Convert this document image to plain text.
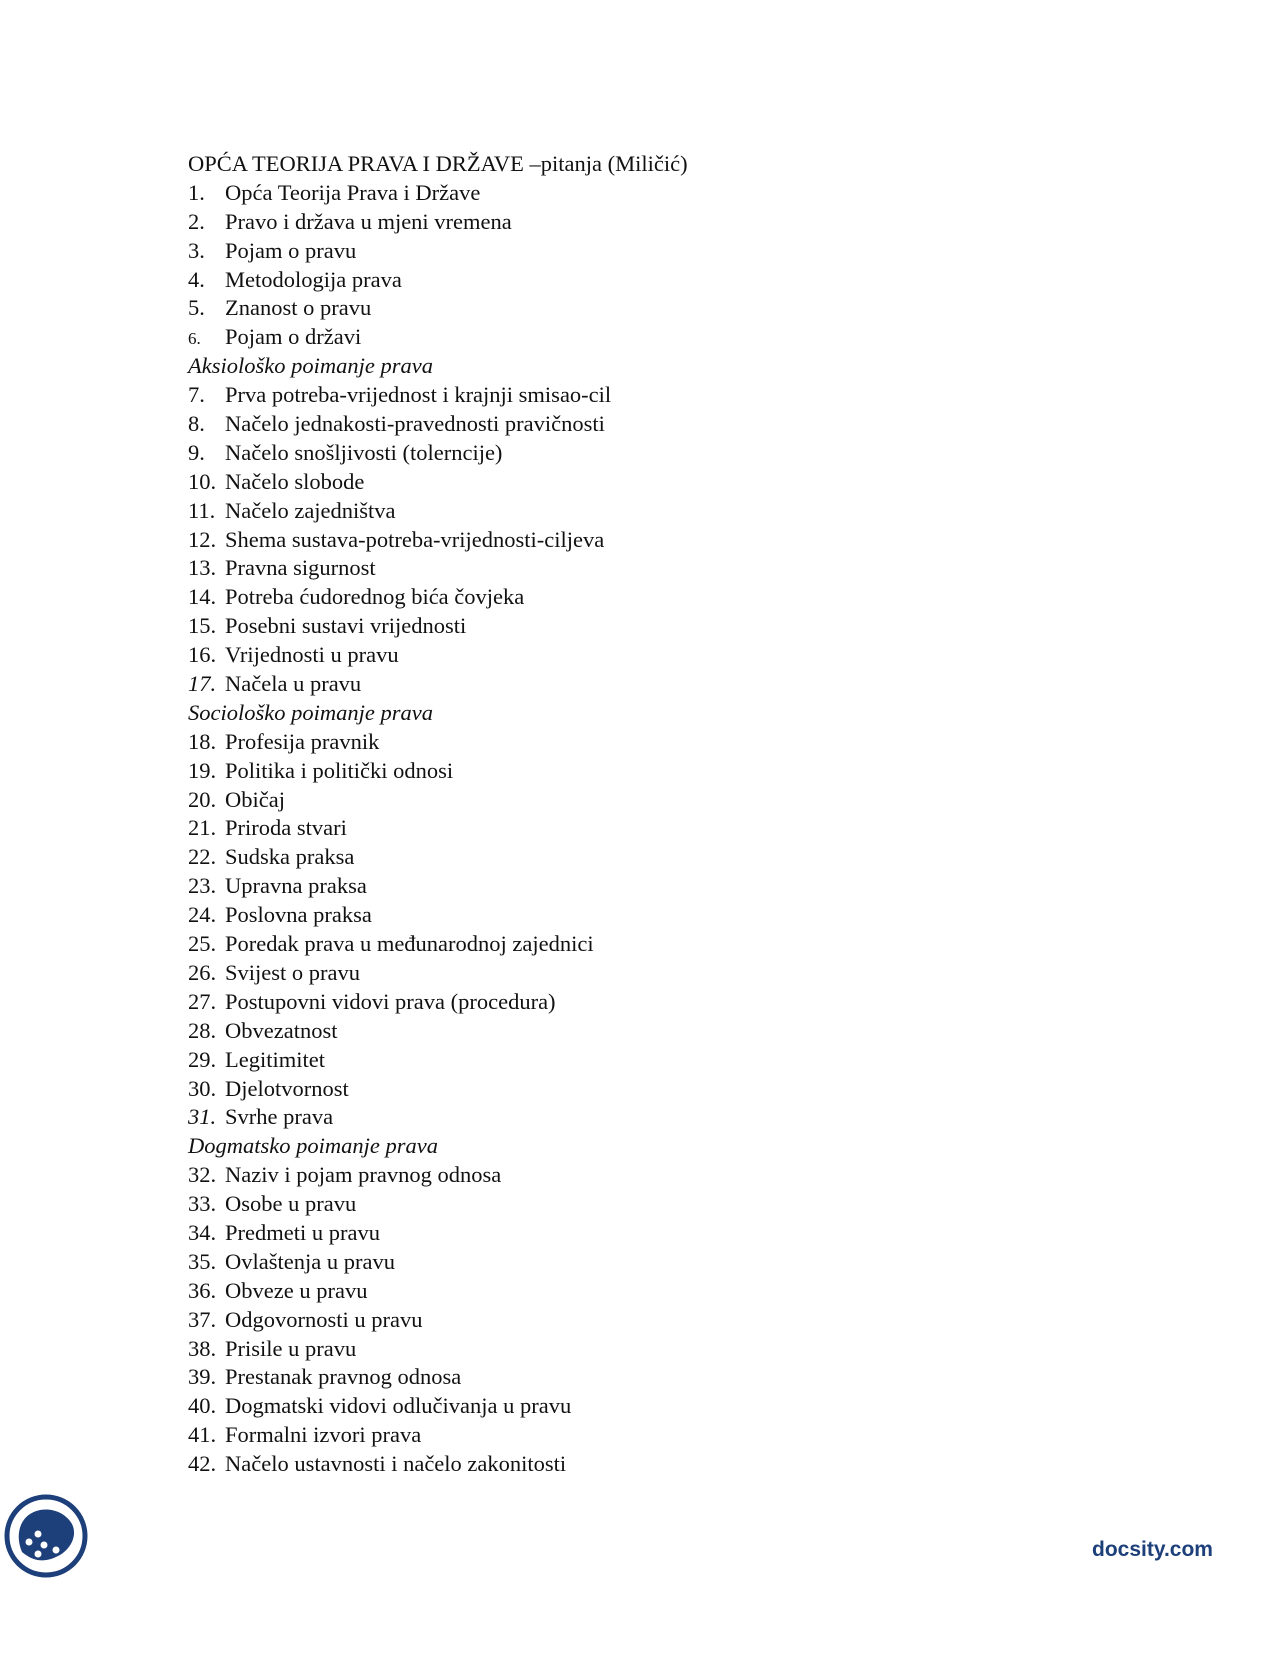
OPĆA TEORIJA PRAVA I DRŽAVE –pitanja (Miličić)
1. Opća Teorija Prava i Države
2. Pravo i država u mjeni vremena
3. Pojam o pravu
4. Metodologija prava
5. Znanost o pravu
6. Pojam o državi
Aksiološko poimanje prava
7. Prva potreba-vrijednost i krajnji smisao-cil
8. Načelo jednakosti-pravednosti pravičnosti
9. Načelo snošljivosti (tolerncije)
10. Načelo slobode
11. Načelo zajedništva
12. Shema sustava-potreba-vrijednosti-ciljeva
13. Pravna sigurnost
14. Potreba ćudorednog bića čovjeka
15. Posebni sustavi vrijednosti
16. Vrijednosti u pravu
17. Načela u pravu
Sociološko poimanje prava
18. Profesija pravnik
19. Politika i politički odnosi
20. Običaj
21. Priroda stvari
22. Sudska praksa
23. Upravna praksa
24. Poslovna praksa
25. Poredak prava u međunarodnoj zajednici
26. Svijest o pravu
27. Postupovni vidovi prava (procedura)
28. Obvezatnost
29. Legitimitet
30. Djelotvornost
31. Svrhe prava
Dogmatsko poimanje prava
32. Naziv i pojam pravnog odnosa
33. Osobe u pravu
34. Predmeti u pravu
35. Ovlaštenja u pravu
36. Obveze u pravu
37. Odgovornosti u pravu
38. Prisile u pravu
39. Prestanak pravnog odnosa
40. Dogmatski vidovi odlučivanja u pravu
41. Formalni izvori prava
42. Načelo ustavnosti i načelo zakonitosti
docsity.com
